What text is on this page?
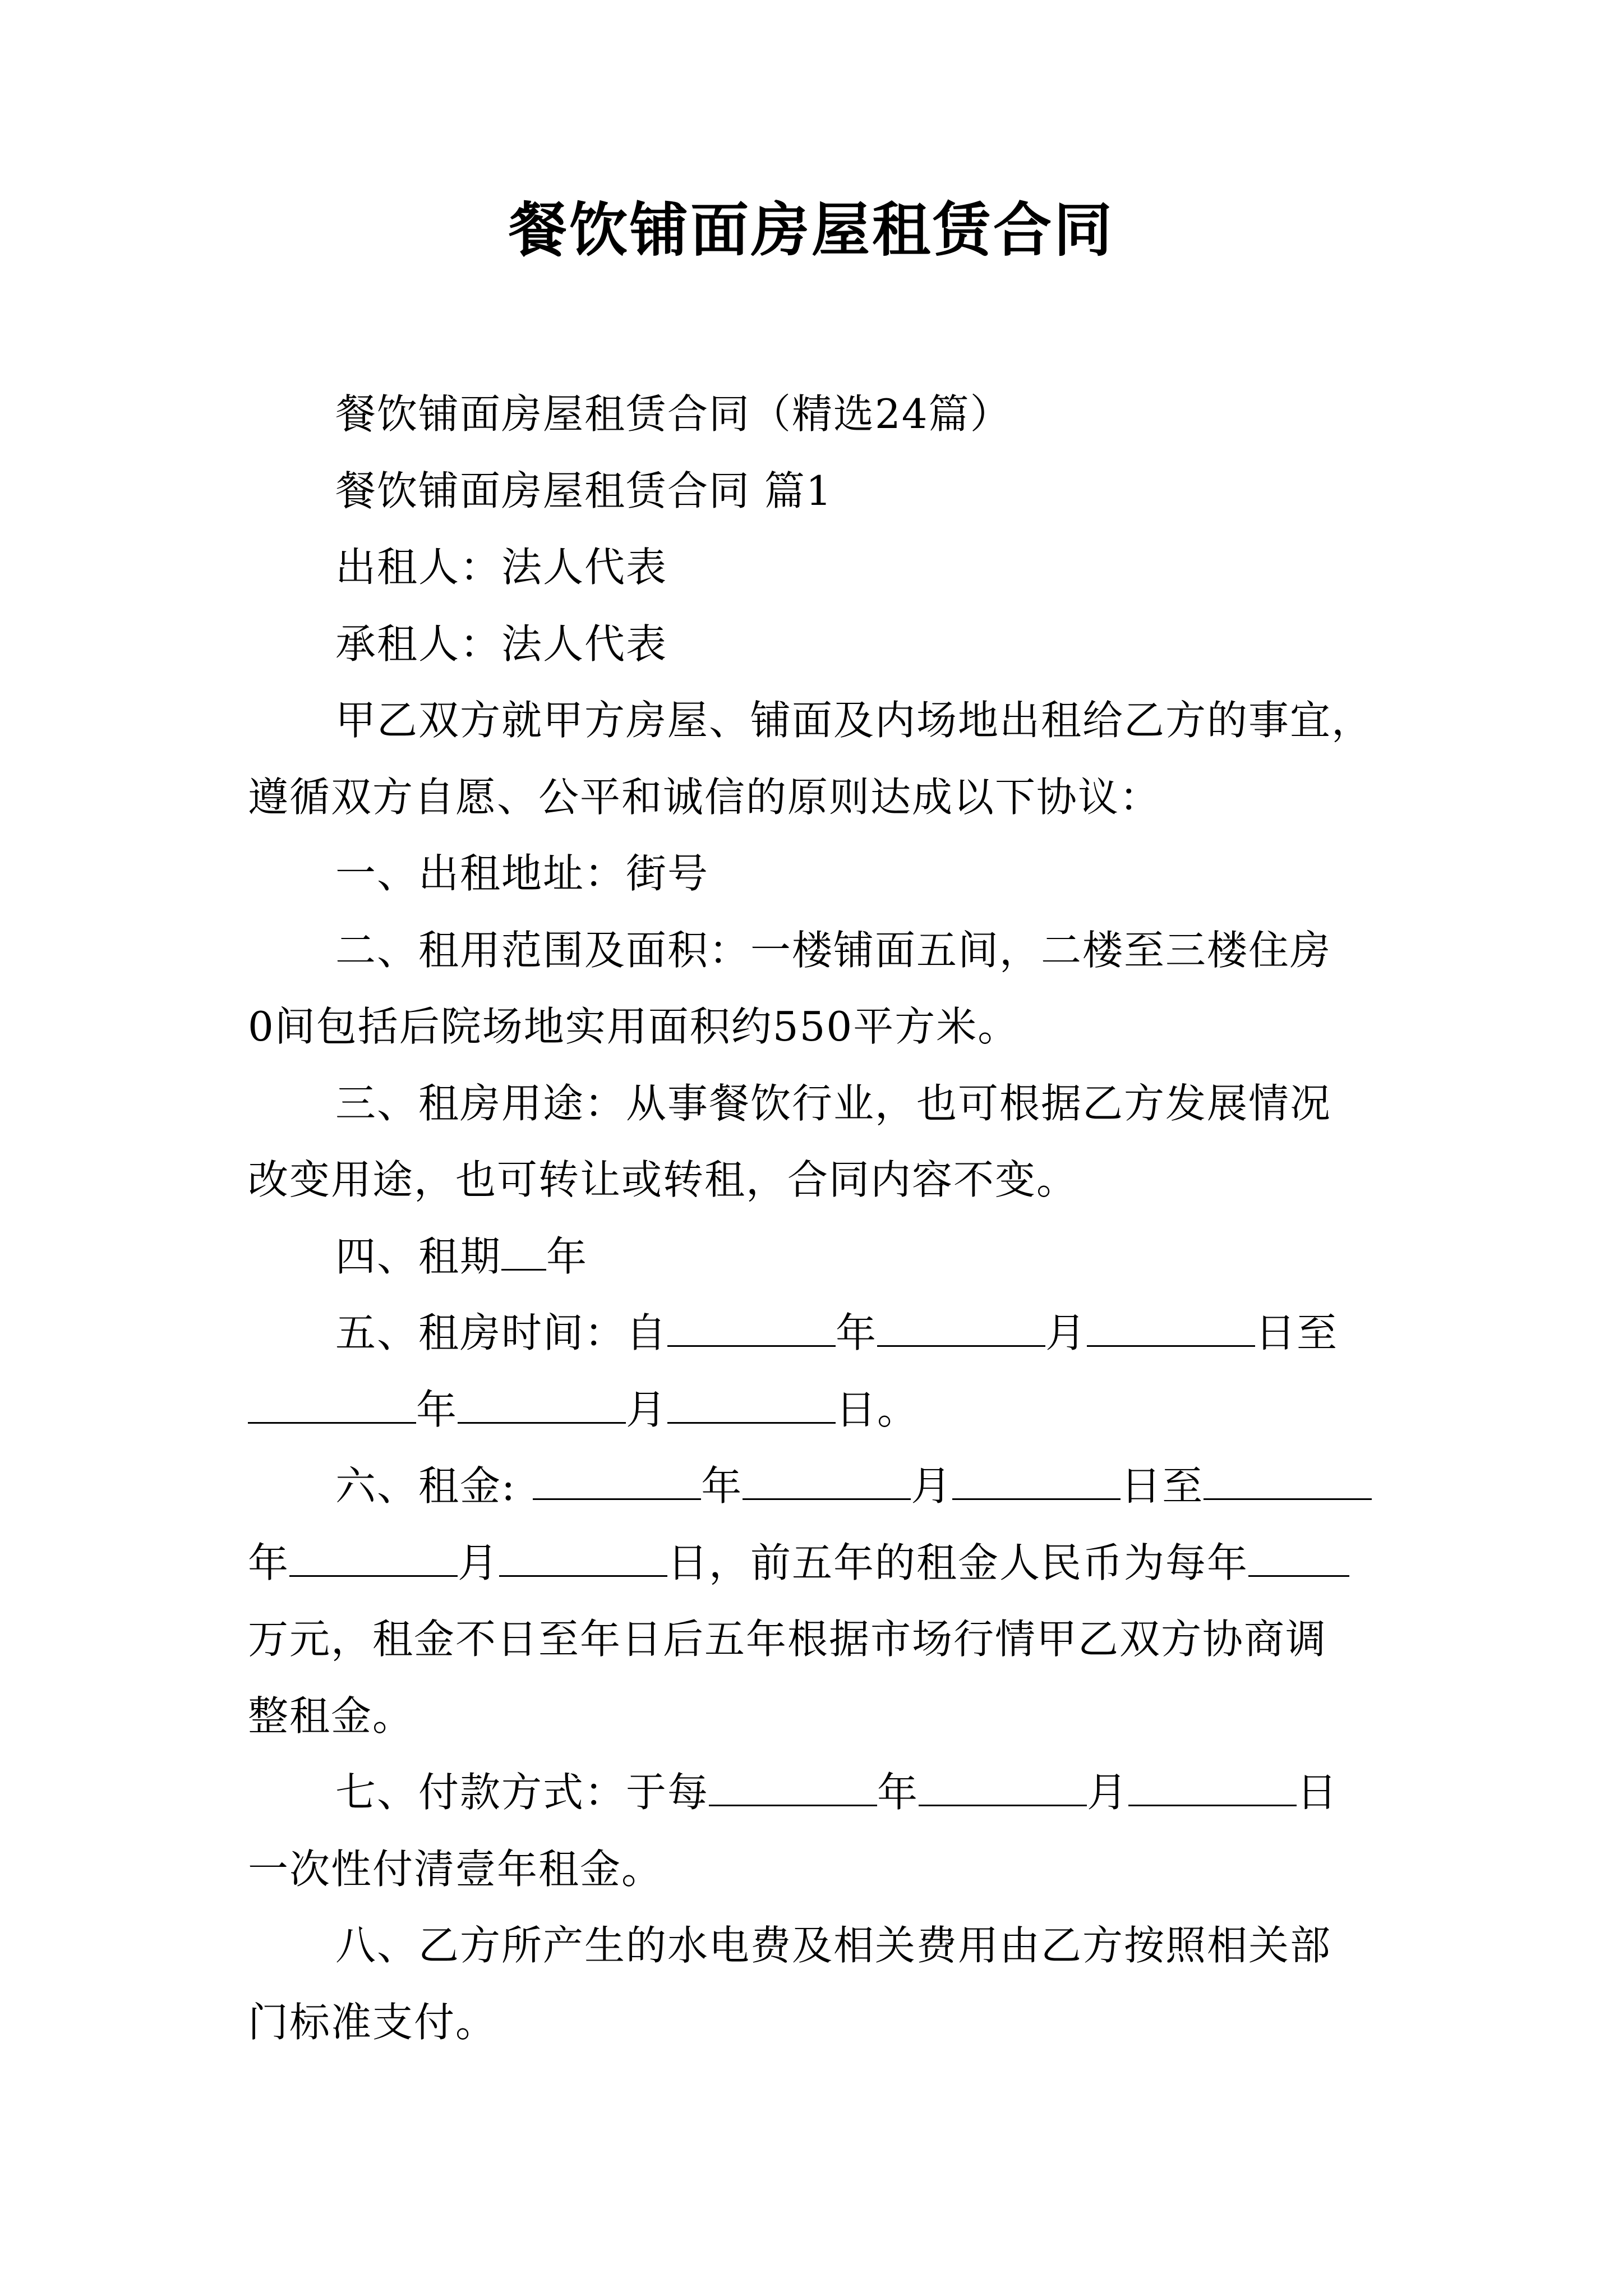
餐饮铺面房屋租赁合同
餐饮铺面房屋租赁合同（精选24篇）
餐饮铺面房屋租赁合同 篇1
出租人：法人代表
承租人：法人代表
甲乙双方就甲方房屋、铺面及内场地出租给乙方的事宜，
遵循双方自愿、公平和诚信的原则达成以下协议：
一、出租地址：街号
二、租用范围及面积：一楼铺面五间，二楼至三楼住房
0间包括后院场地实用面积约550平方米。
三、租房用途：从事餐饮行业，也可根据乙方发展情况
改变用途，也可转让或转租，合同内容不变。
四、租期 年
五、租房时间：自	年	月	日至
年	月	日。
六、租金:	年	月	日至
年	月	日，前五年的租金人民币为每年
万元，租金不日至年日后五年根据市场行情甲乙双方协商调
整租金。
七、付款方式：于每	年	月	日
一次性付清壹年租金。
八、乙方所产生的水电费及相关费用由乙方按照相关部
门标准支付。
